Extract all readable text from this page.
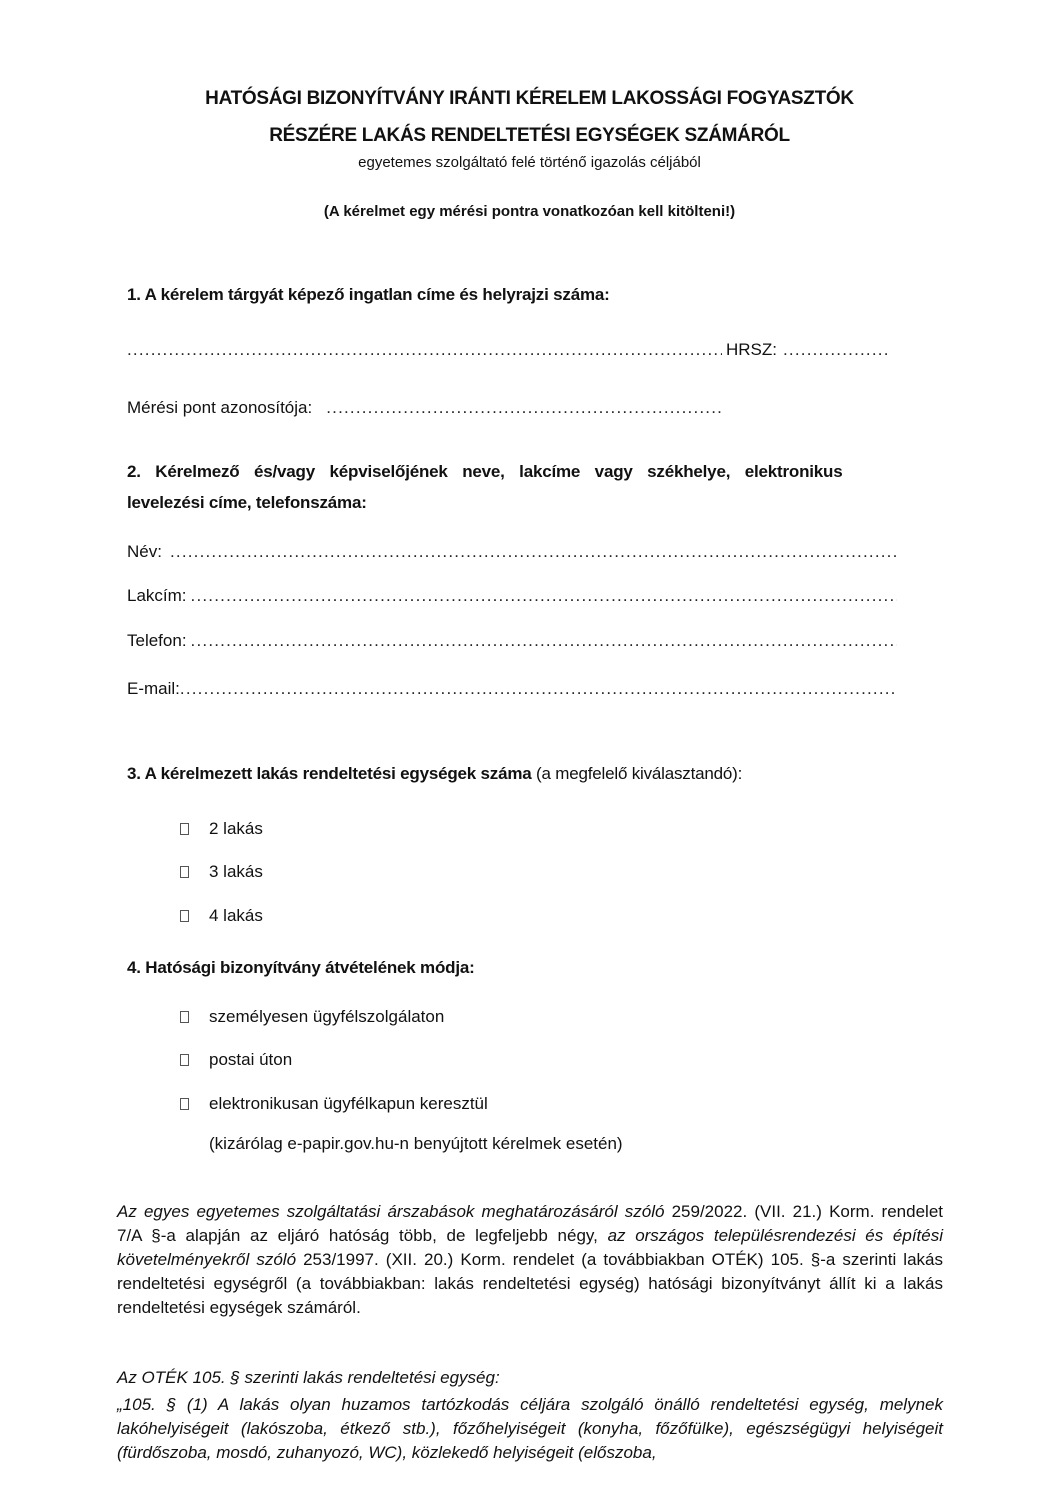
HATÓSÁGI BIZONYÍTVÁNY IRÁNTI KÉRELEM LAKOSSÁGI FOGYASZTÓK
RÉSZÉRE LAKÁS RENDELTETÉSI EGYSÉGEK SZÁMÁRÓL
egyetemes szolgáltató felé történő igazolás céljából
(A kérelmet egy mérési pontra vonatkozóan kell kitölteni!)
1. A kérelem tárgyát képező ingatlan címe és helyrajzi száma:
.....
HRSZ:
.....
Mérési pont azonosítója:
.....
2. Kérelmező és/vagy képviselőjének neve, lakcíme vagy székhelye, elektronikus
levelezési címe, telefonszáma:
Név:
.....
Lakcím:
.....
Telefon:
.....
E-mail:
.....
3. A kérelmezett lakás rendeltetési egységek száma (a megfelelő kiválasztandó):
2 lakás
3 lakás
4 lakás
4. Hatósági bizonyítvány átvételének módja:
személyesen ügyfélszolgálaton
postai úton
elektronikusan ügyfélkapun keresztül
(kizárólag e-papir.gov.hu-n benyújtott kérelmek esetén)
Az egyes egyetemes szolgáltatási árszabások meghatározásáról szóló 259/2022. (VII. 21.) Korm. rendelet 7/A §-a alapján az eljáró hatóság több, de legfeljebb négy, az országos településrendezési és építési követelményekről szóló 253/1997. (XII. 20.) Korm. rendelet (a továbbiakban OTÉK) 105. §-a szerinti lakás rendeltetési egységről (a továbbiakban: lakás rendeltetési egység) hatósági bizonyítványt állít ki a lakás rendeltetési egységek számáról.
Az OTÉK 105. § szerinti lakás rendeltetési egység:
„105. § (1) A lakás olyan huzamos tartózkodás céljára szolgáló önálló rendeltetési egység, melynek lakóhelyiségeit (lakószoba, étkező stb.), főzőhelyiségeit (konyha, főzőfülke), egészségügyi helyiségeit (fürdőszoba, mosdó, zuhanyozó, WC), közlekedő helyiségeit (előszoba,
